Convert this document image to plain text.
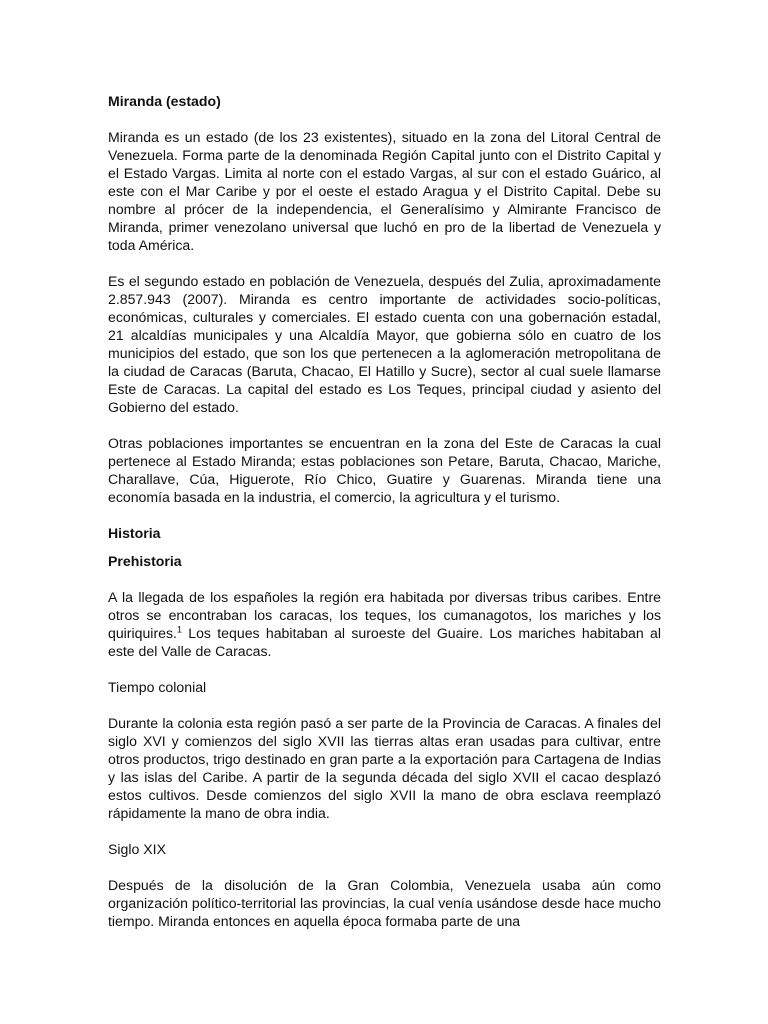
Miranda (estado)

Miranda es un estado (de los 23 existentes), situado en la zona del Litoral Central de Venezuela. Forma parte de la denominada Región Capital junto con el Distrito Capital y el Estado Vargas. Limita al norte con el estado Vargas, al sur con el estado Guárico, al este con el Mar Caribe y por el oeste el estado Aragua y el Distrito Capital. Debe su nombre al prócer de la independencia, el Generalísimo y Almirante Francisco de Miranda, primer venezolano universal que luchó en pro de la libertad de Venezuela y toda América.

Es el segundo estado en población de Venezuela, después del Zulia, aproximadamente 2.857.943 (2007). Miranda es centro importante de actividades socio-políticas, económicas, culturales y comerciales. El estado cuenta con una gobernación estadal, 21 alcaldías municipales y una Alcaldía Mayor, que gobierna sólo en cuatro de los municipios del estado, que son los que pertenecen a la aglomeración metropolitana de la ciudad de Caracas (Baruta, Chacao, El Hatillo y Sucre), sector al cual suele llamarse Este de Caracas. La capital del estado es Los Teques, principal ciudad y asiento del Gobierno del estado.

Otras poblaciones importantes se encuentran en la zona del Este de Caracas la cual pertenece al Estado Miranda; estas poblaciones son Petare, Baruta, Chacao, Mariche, Charallave, Cúa, Higuerote, Río Chico, Guatire y Guarenas. Miranda tiene una economía basada en la industria, el comercio, la agricultura y el turismo.

Historia
Prehistoria

A la llegada de los españoles la región era habitada por diversas tribus caribes. Entre otros se encontraban los caracas, los teques, los cumanagotos, los mariches y los quiriquires.$^1$ Los teques habitaban al suroeste del Guaire. Los mariches habitaban al este del Valle de Caracas.

Tiempo colonial

Durante la colonia esta región pasó a ser parte de la Provincia de Caracas. A finales del siglo XVI y comienzos del siglo XVII las tierras altas eran usadas para cultivar, entre otros productos, trigo destinado en gran parte a la exportación para Cartagena de Indias y las islas del Caribe. A partir de la segunda década del siglo XVII el cacao desplazó estos cultivos. Desde comienzos del siglo XVII la mano de obra esclava reemplazó rápidamente la mano de obra india.

Siglo XIX

Después de la disolución de la Gran Colombia, Venezuela usaba aún como organización político-territorial las provincias, la cual venía usándose desde hace mucho tiempo. Miranda entonces en aquella época formaba parte de una
